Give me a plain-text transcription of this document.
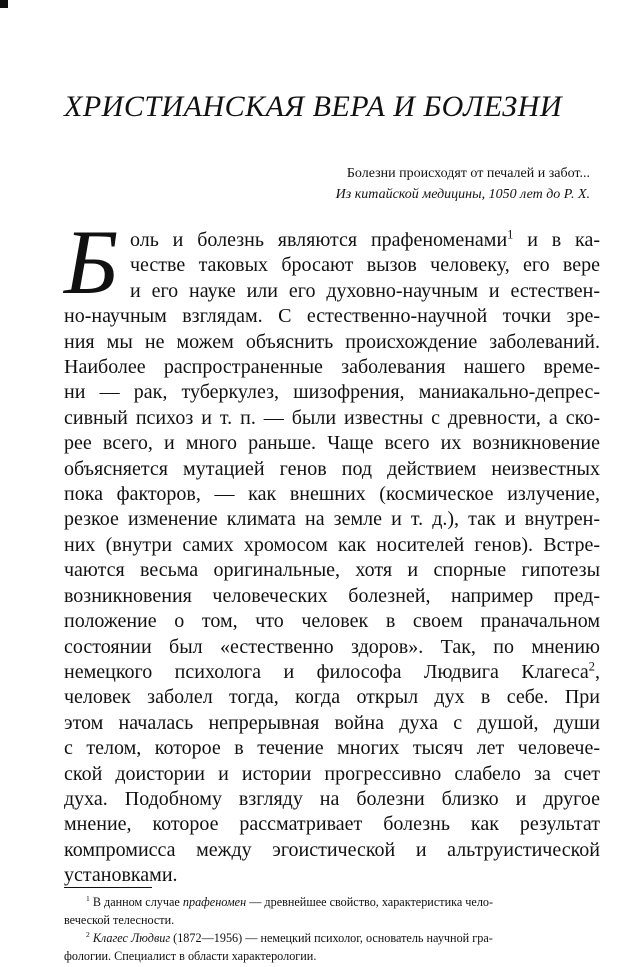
ХРИСТИАНСКАЯ ВЕРА И БОЛЕЗНИ
Болезни происходят от печалей и забот...
Из китайской медицины, 1050 лет до Р. Х.
Б оль и болезнь являются прафеноменами$^1$ и в ка-
честве таковых бросают вызов человеку, его вере
и его науке или его духовно-научным и естествен-
но-научным взглядам. С естественно-научной точки зре-
ния мы не можем объяснить происхождение заболеваний.
Наиболее распространенные заболевания нашего време-
ни — рак, туберкулез, шизофрения, маниакально-депрес-
сивный психоз и т. п. — были известны с древности, а ско-
рее всего, и много раньше. Чаще всего их возникновение
объясняется мутацией генов под действием неизвестных
пока факторов, — как внешних (космическое излучение,
резкое изменение климата на земле и т. д.), так и внутрен-
них (внутри самих хромосом как носителей генов). Встре-
чаются весьма оригинальные, хотя и спорные гипотезы
возникновения человеческих болезней, например пред-
положение о том, что человек в своем праначальном
состоянии был «естественно здоров». Так, по мнению
немецкого психолога и философа Людвига Клагеса$^2$,
человек заболел тогда, когда открыл дух в себе. При
этом началась непрерывная война духа с душой, души
с телом, которое в течение многих тысяч лет человече-
ской доистории и истории прогрессивно слабело за счет
духа. Подобному взгляду на болезни близко и другое
мнение, которое рассматривает болезнь как результат
компромисса между эгоистической и альтруистической
установками.
$^1$ В данном случае прафеномен — древнейшее свойство, характеристика чело-
веческой телесности.
$^2$ Клагес Людвиг (1872—1956) — немецкий психолог, основатель научной гра-
фологии. Специалист в области характерологии.
